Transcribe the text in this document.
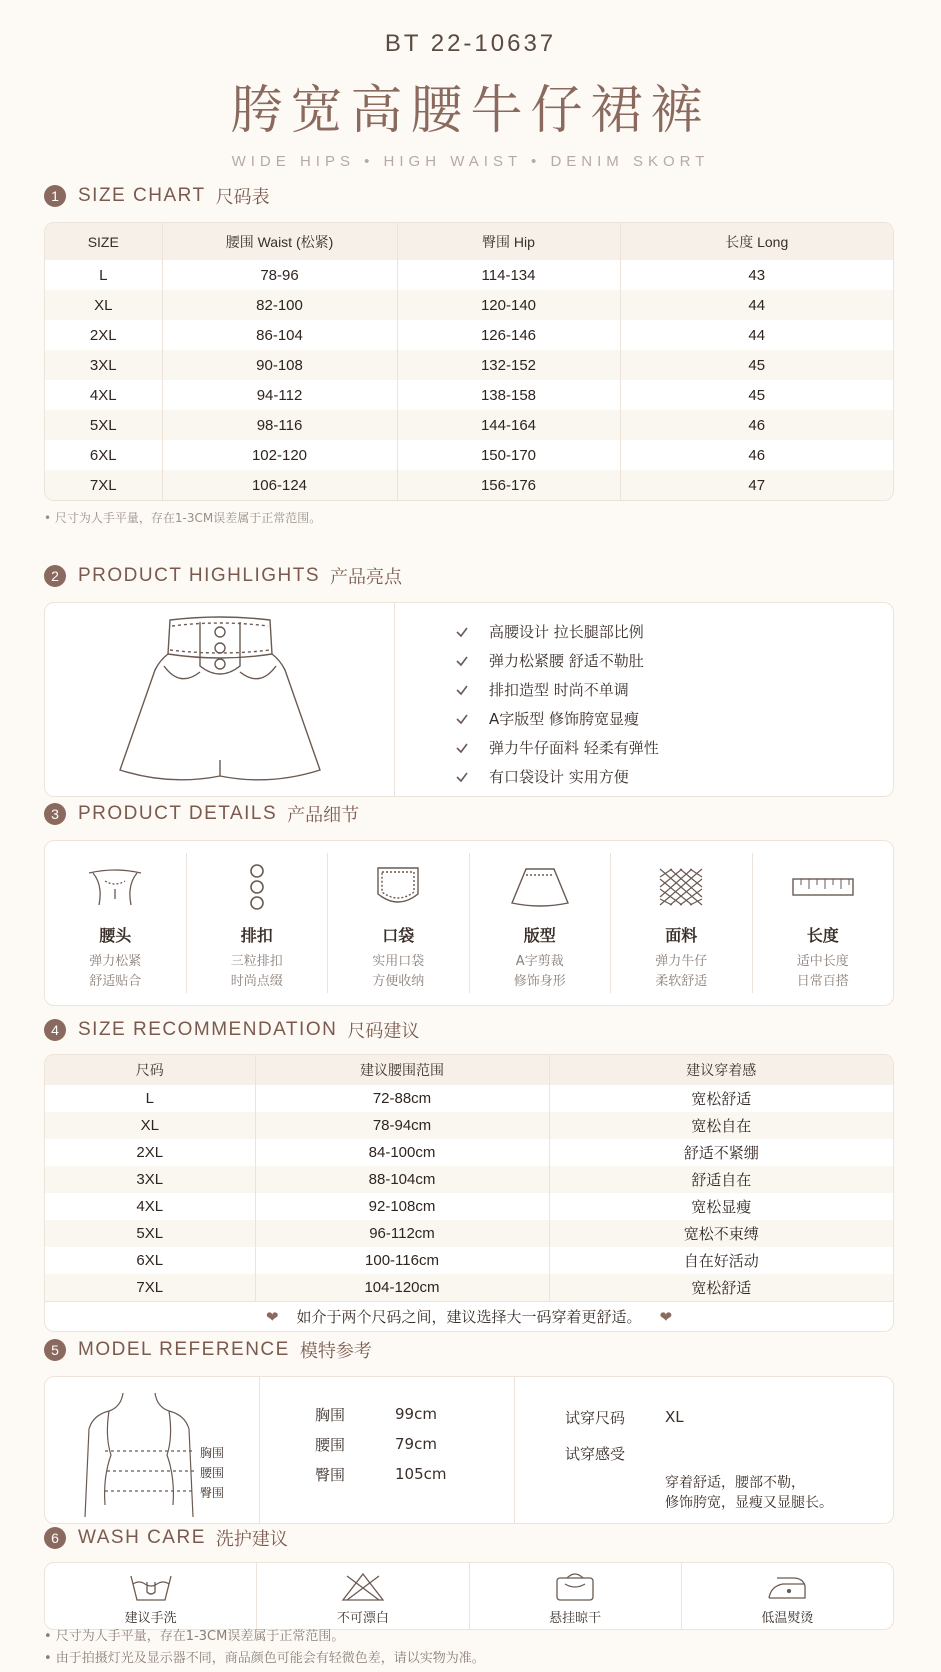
BT 22-10637
胯宽高腰牛仔裙裤
WIDE HIPS • HIGH WAIST • DENIM SKORT
1	SIZE CHART 尺码表
SIZE	腰围 Waist (松紧)	臀围 Hip	长度 Long
L	78-96	114-134	43
XL	82-100	120-140	44
2XL	86-104	126-146	44
3XL	90-108	132-152	45
4XL	94-112	138-158	45
5XL	98-116	144-164	46
6XL	102-120	150-170	46
7XL	106-124	156-176	47
• 尺寸为人手平量，存在1-3CM误差属于正常范围。
2	PRODUCT HIGHLIGHTS 产品亮点
高腰设计 拉长腿部比例
弹力松紧腰 舒适不勒肚
排扣造型 时尚不单调
A字版型 修饰胯宽显瘦
弹力牛仔面料 轻柔有弹性
有口袋设计 实用方便
3	PRODUCT DETAILS 产品细节
腰头
弹力松紧
舒适贴合
排扣
三粒排扣
时尚点缀
口袋
实用口袋
方便收纳
版型
A字剪裁
修饰身形
面料
弹力牛仔
柔软舒适
长度
适中长度
日常百搭
4	SIZE RECOMMENDATION 尺码建议
尺码	建议腰围范围	建议穿着感
L	72-88cm	宽松舒适
XL	78-94cm	宽松自在
2XL	84-100cm	舒适不紧绷
3XL	88-104cm	舒适自在
4XL	92-108cm	宽松显瘦
5XL	96-112cm	宽松不束缚
6XL	100-116cm	自在好活动
7XL	104-120cm	宽松舒适
❤ 如介于两个尺码之间，建议选择大一码穿着更舒适。 ❤
5	MODEL REFERENCE 模特参考
胸围
腰围
臀围
胸围	99cm
腰围	79cm
臀围	105cm
试穿尺码	XL
试穿感受
穿着舒适，腰部不勒，
修饰胯宽，显瘦又显腿长。
6	WASH CARE 洗护建议
建议手洗	不可漂白	悬挂晾干	低温熨烫
• 尺寸为人手平量，存在1-3CM误差属于正常范围。
• 由于拍摄灯光及显示器不同，商品颜色可能会有轻微色差，请以实物为准。
